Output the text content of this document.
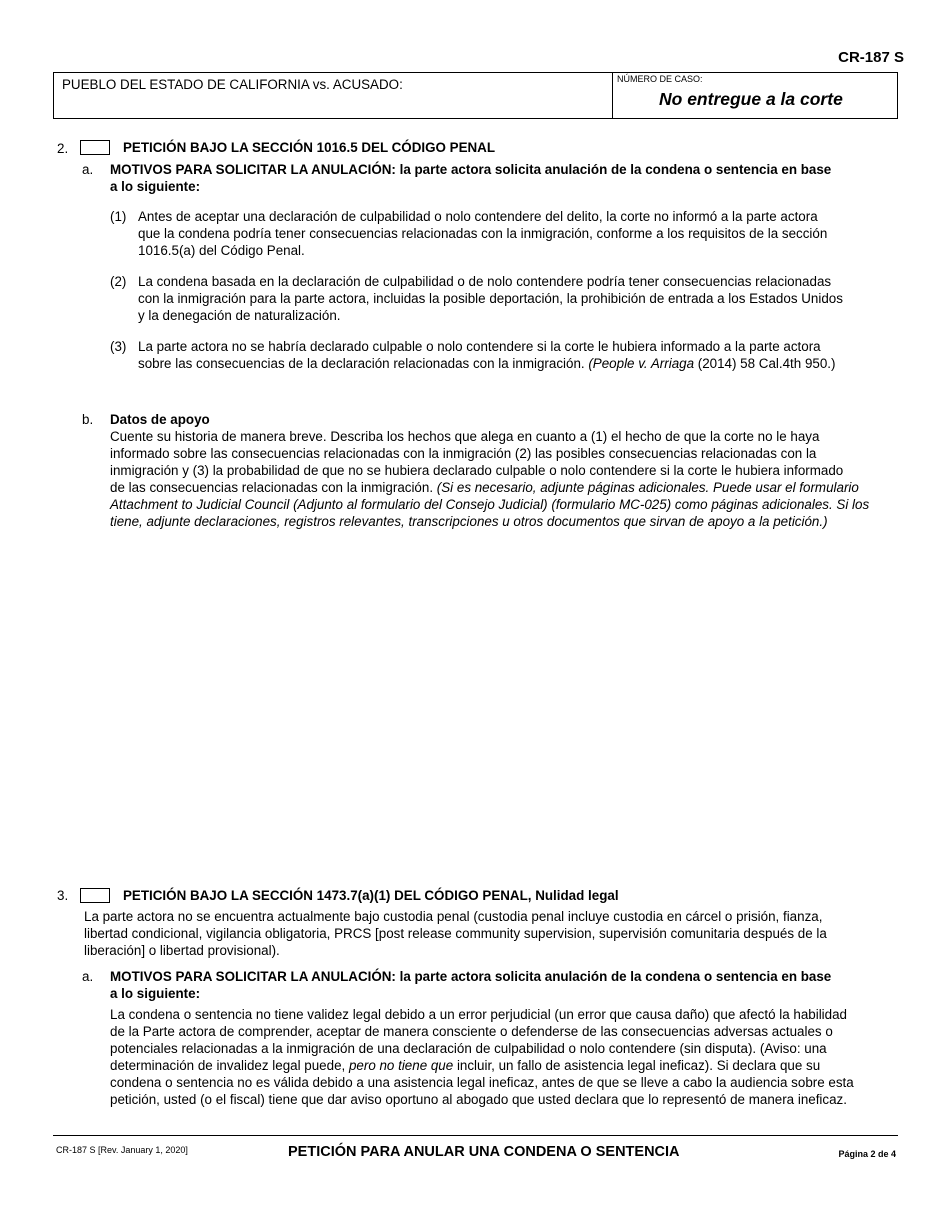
CR-187 S
PUEBLO DEL ESTADO DE CALIFORNIA vs. ACUSADO:	NÚMERO DE CASO:
No entregue a la corte
2.	PETICIÓN BAJO LA SECCIÓN 1016.5 DEL CÓDIGO PENAL
a. MOTIVOS PARA SOLICITAR LA ANULACIÓN: la parte actora solicita anulación de la condena o sentencia en base
a lo siguiente:
(1) Antes de aceptar una declaración de culpabilidad o nolo contendere del delito, la corte no informó a la parte actora
que la condena podría tener consecuencias relacionadas con la inmigración, conforme a los requisitos de la sección
1016.5(a) del Código Penal.
(2) La condena basada en la declaración de culpabilidad o de nolo contendere podría tener consecuencias relacionadas
con la inmigración para la parte actora, incluidas la posible deportación, la prohibición de entrada a los Estados Unidos
y la denegación de naturalización.
(3) La parte actora no se habría declarado culpable o nolo contendere si la corte le hubiera informado a la parte actora
sobre las consecuencias de la declaración relacionadas con la inmigración. (People v. Arriaga (2014) 58 Cal.4th 950.)
b. Datos de apoyo
Cuente su historia de manera breve. Describa los hechos que alega en cuanto a (1) el hecho de que la corte no le haya
informado sobre las consecuencias relacionadas con la inmigración (2) las posibles consecuencias relacionadas con la
inmigración y (3) la probabilidad de que no se hubiera declarado culpable o nolo contendere si la corte le hubiera informado
de las consecuencias relacionadas con la inmigración. (Si es necesario, adjunte páginas adicionales. Puede usar el formulario
Attachment to Judicial Council (Adjunto al formulario del Consejo Judicial) (formulario MC-025) como páginas adicionales. Si los
tiene, adjunte declaraciones, registros relevantes, transcripciones u otros documentos que sirvan de apoyo a la petición.)
3.	PETICIÓN BAJO LA SECCIÓN 1473.7(a)(1) DEL CÓDIGO PENAL, Nulidad legal
La parte actora no se encuentra actualmente bajo custodia penal (custodia penal incluye custodia en cárcel o prisión, fianza,
libertad condicional, vigilancia obligatoria, PRCS [post release community supervision, supervisión comunitaria después de la
liberación] o libertad provisional).
a. MOTIVOS PARA SOLICITAR LA ANULACIÓN: la parte actora solicita anulación de la condena o sentencia en base
a lo siguiente:
La condena o sentencia no tiene validez legal debido a un error perjudicial (un error que causa daño) que afectó la habilidad
de la Parte actora de comprender, aceptar de manera consciente o defenderse de las consecuencias adversas actuales o
potenciales relacionadas a la inmigración de una declaración de culpabilidad o nolo contendere (sin disputa). (Aviso: una
determinación de invalidez legal puede, pero no tiene que incluir, un fallo de asistencia legal ineficaz). Si declara que su
condena o sentencia no es válida debido a una asistencia legal ineficaz, antes de que se lleve a cabo la audiencia sobre esta
petición, usted (o el fiscal) tiene que dar aviso oportuno al abogado que usted declara que lo representó de manera ineficaz.
CR-187 S [Rev. January 1, 2020]	PETICIÓN PARA ANULAR UNA CONDENA O SENTENCIA	Página 2 de 4
